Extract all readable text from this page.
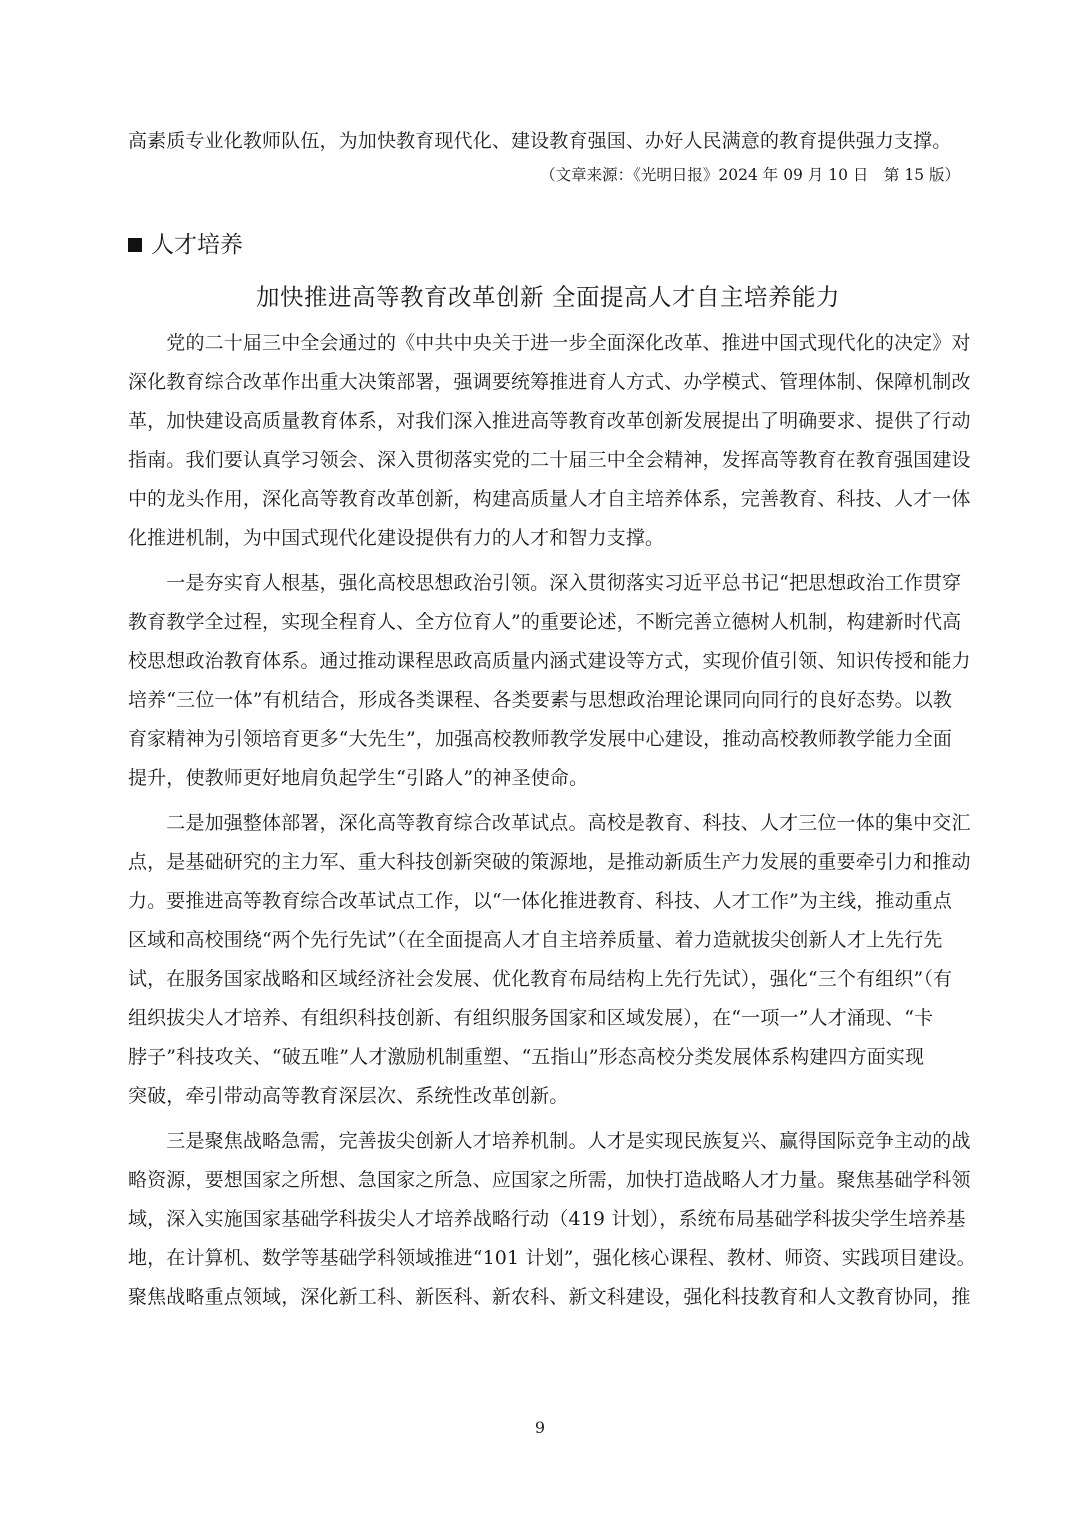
高素质专业化教师队伍，为加快教育现代化、建设教育强国、办好人民满意的教育提供强力支撑。
（文章来源：《光明日报》2024 年 09 月 10 日　第 15 版）
人才培养
加快推进高等教育改革创新 全面提高人才自主培养能力
　　党的二十届三中全会通过的《中共中央关于进一步全面深化改革、推进中国式现代化的决定》对
深化教育综合改革作出重大决策部署，强调要统筹推进育人方式、办学模式、管理体制、保障机制改
革，加快建设高质量教育体系，对我们深入推进高等教育改革创新发展提出了明确要求、提供了行动
指南。我们要认真学习领会、深入贯彻落实党的二十届三中全会精神，发挥高等教育在教育强国建设
中的龙头作用，深化高等教育改革创新，构建高质量人才自主培养体系，完善教育、科技、人才一体
化推进机制，为中国式现代化建设提供有力的人才和智力支撑。
　　一是夯实育人根基，强化高校思想政治引领。深入贯彻落实习近平总书记“把思想政治工作贯穿
教育教学全过程，实现全程育人、全方位育人”的重要论述，不断完善立德树人机制，构建新时代高
校思想政治教育体系。通过推动课程思政高质量内涵式建设等方式，实现价值引领、知识传授和能力
培养“三位一体”有机结合，形成各类课程、各类要素与思想政治理论课同向同行的良好态势。以教
育家精神为引领培育更多“大先生”，加强高校教师教学发展中心建设，推动高校教师教学能力全面
提升，使教师更好地肩负起学生“引路人”的神圣使命。
　　二是加强整体部署，深化高等教育综合改革试点。高校是教育、科技、人才三位一体的集中交汇
点，是基础研究的主力军、重大科技创新突破的策源地，是推动新质生产力发展的重要牵引力和推动
力。要推进高等教育综合改革试点工作，以“一体化推进教育、科技、人才工作”为主线，推动重点
区域和高校围绕“两个先行先试”（在全面提高人才自主培养质量、着力造就拔尖创新人才上先行先
试，在服务国家战略和区域经济社会发展、优化教育布局结构上先行先试），强化“三个有组织”（有
组织拔尖人才培养、有组织科技创新、有组织服务国家和区域发展），在“一项一”人才涌现、“卡
脖子”科技攻关、“破五唯”人才激励机制重塑、“五指山”形态高校分类发展体系构建四方面实现
突破，牵引带动高等教育深层次、系统性改革创新。
　　三是聚焦战略急需，完善拔尖创新人才培养机制。人才是实现民族复兴、赢得国际竞争主动的战
略资源，要想国家之所想、急国家之所急、应国家之所需，加快打造战略人才力量。聚焦基础学科领
域，深入实施国家基础学科拔尖人才培养战略行动（419 计划），系统布局基础学科拔尖学生培养基
地，在计算机、数学等基础学科领域推进“101 计划”，强化核心课程、教材、师资、实践项目建设。
聚焦战略重点领域，深化新工科、新医科、新农科、新文科建设，强化科技教育和人文教育协同，推
9
